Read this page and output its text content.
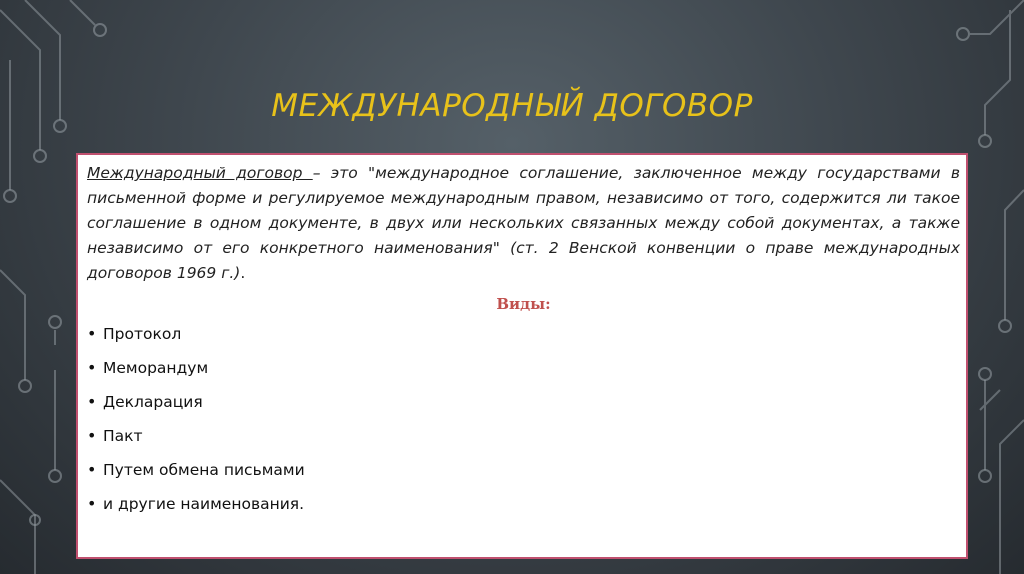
МЕЖДУНАРОДНЫЙ ДОГОВОР

Международный договор – это "международное соглашение, заключенное между государствами в письменной форме и регулируемое международным правом, независимо от того, содержится ли такое соглашение в одном документе, в двух или нескольких связанных между собой документах, а также независимо от его конкретного наименования" (ст. 2 Венской конвенции о праве международных договоров 1969 г.).

Виды:
• Протокол
• Меморандум
• Декларация
• Пакт
• Путем обмена письмами
• и другие наименования.
